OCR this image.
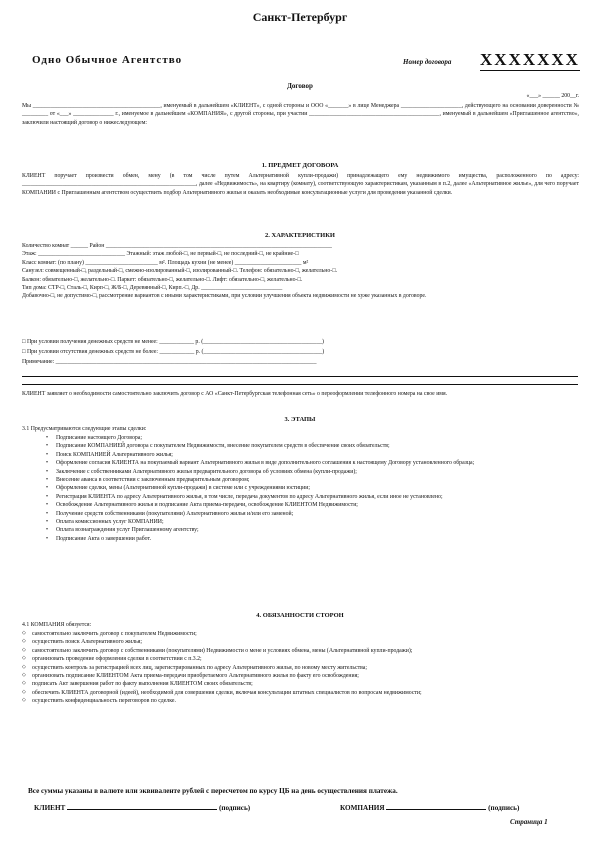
Санкт-Петербург
Одно Обычное Агентство	Номер договора XXXXXXX
Договор
«___» ______ 200__г.
Мы ____________________________________________, именуемый в дальнейшем «КЛИЕНТ», с одной стороны и ООО «_______» в лице Менеджера _____________________, действующего на основании доверенности № _________ от «___» ______________ г., именуемое в дальнейшем «КОМПАНИЯ», с другой стороны, при участии _____________________________________________, именуемый в дальнейшем «Приглашенное агентство», заключили настоящий договор о нижеследующем:
1. ПРЕДМЕТ ДОГОВОРА
КЛИЕНТ поручает произвести обмен, мену (в том числе путем Альтернативной купли-продажи) принадлежащего ему недвижимого имущества, расположенного по адресу: ____________________________________________________________, далее «Недвижимость», на квартиру (комнату), соответствующую характеристикам, указанным в п.2, далее «Альтернативное жилье», для чего поручает КОМПАНИИ с Приглашенным агентством осуществить подбор Альтернативного жилья и оказать необходимые консультационные услуги для проведения указанной сделки.
2. ХАРАКТЕРИСТИКИ
Количество комнат ______ Район ______________________________________________________________________________
Этаж: ______________________________ Этажный: этаж любой-□, не первый-□, не последний-□, не крайние-□
Класс комнат: (по плану) _________________________ м². Площадь кухни (не менее) _______________________ м²
Санузел: совмещенный-□, раздельный-□, смежно-изолированный-□, изолированный-□. Телефон: обязательно-□, желательно-□.
Балкон: обязательно-□, желательно-□. Паркет: обязательно-□, желательно-□. Лифт: обязательно-□, желательно-□.
Тип дома: СТР-□, Сталь-□, Кирп-□, Ж/Б-□, Деревянный-□, Кирп.-□, Др. ____________________________
Добавочно-□, не допустимо-□, рассмотрение вариантов с иными характеристиками, при условии улучшения объекта недвижимости не хуже указанных в договоре.
□ При условии получения денежных средств не менее: ____________ р. (_________________________________________)
□ При условии отсутствия денежных средств не более: ____________ р. (_________________________________________)
Примечание: __________________________________________________________________________________________
КЛИЕНТ заявляет о необходимости самостоятельно заключить договор с АО «Санкт-Петербургская телефонная сеть» о переоформлении телефонного номера на свое имя.
3. ЭТАПЫ
3.1 Предусматриваются следующие этапы сделки:
• Подписание настоящего Договора;
• Подписание КОМПАНИЕЙ договора с покупателем Недвижимости, внесение покупателем средств в обеспечение своих обязательств;
• Поиск КОМПАНИЕЙ Альтернативного жилья;
• Оформление согласия КЛИЕНТА на покупаемый вариант Альтернативного жилья в виде дополнительного соглашения к настоящему Договору установленного образца;
• Заключение с собственниками Альтернативного жилья предварительного договора об условиях обмена (купли-продажи);
• Внесение аванса в соответствии с заключенным предварительным договором;
• Оформление сделки, мены (Альтернативной купли-продажи) в системе или с учреждениями юстиции;
• Регистрация КЛИЕНТА по адресу Альтернативного жилья, в том числе, передача документов по адресу Альтернативного жилья, если иное не установлено;
• Освобождение Альтернативного жилья и подписание Акта приема-передачи, освобождение КЛИЕНТОМ Недвижимости;
• Получение средств собственниками (покупателями) Альтернативного жилья и/или его заменой;
• Оплата комиссионных услуг КОМПАНИИ;
• Оплата вознаграждения услуг Приглашенному агентству;
• Подписание Акта о завершении работ.
4. ОБЯЗАННОСТИ СТОРОН
4.1 КОМПАНИЯ обязуется:
◇ самостоятельно заключить договор с покупателем Недвижимости;
◇ осуществить поиск Альтернативного жилья;
◇ самостоятельно заключить договор с собственниками (покупателями) Недвижимости о мене и условиях обмена, мены (Альтернативной купли-продажи);
◇ организовать проведение оформления сделки в соответствии с п.3.2;
◇ осуществить контроль за регистрацией всех лиц, зарегистрированных по адресу Альтернативного жилья, по новому месту жительства;
◇ организовать подписание КЛИЕНТОМ Акта приема-передачи приобретаемого Альтернативного жилья по факту его освобождения;
◇ подписать Акт завершения работ по факту выполнения КЛИЕНТОМ своих обязательств;
◇ обеспечить КЛИЕНТА договорной (идеей), необходимой для совершения сделки, включая консультации штатных специалистов по вопросам недвижимости;
◇ осуществить конфиденциальность переговоров по сделке.
Все суммы указаны в валюте или эквиваленте рублей с пересчетом по курсу ЦБ на день осуществления платежа.
КЛИЕНТ	(подпись)	КОМПАНИЯ	(подпись)
Страница 1
